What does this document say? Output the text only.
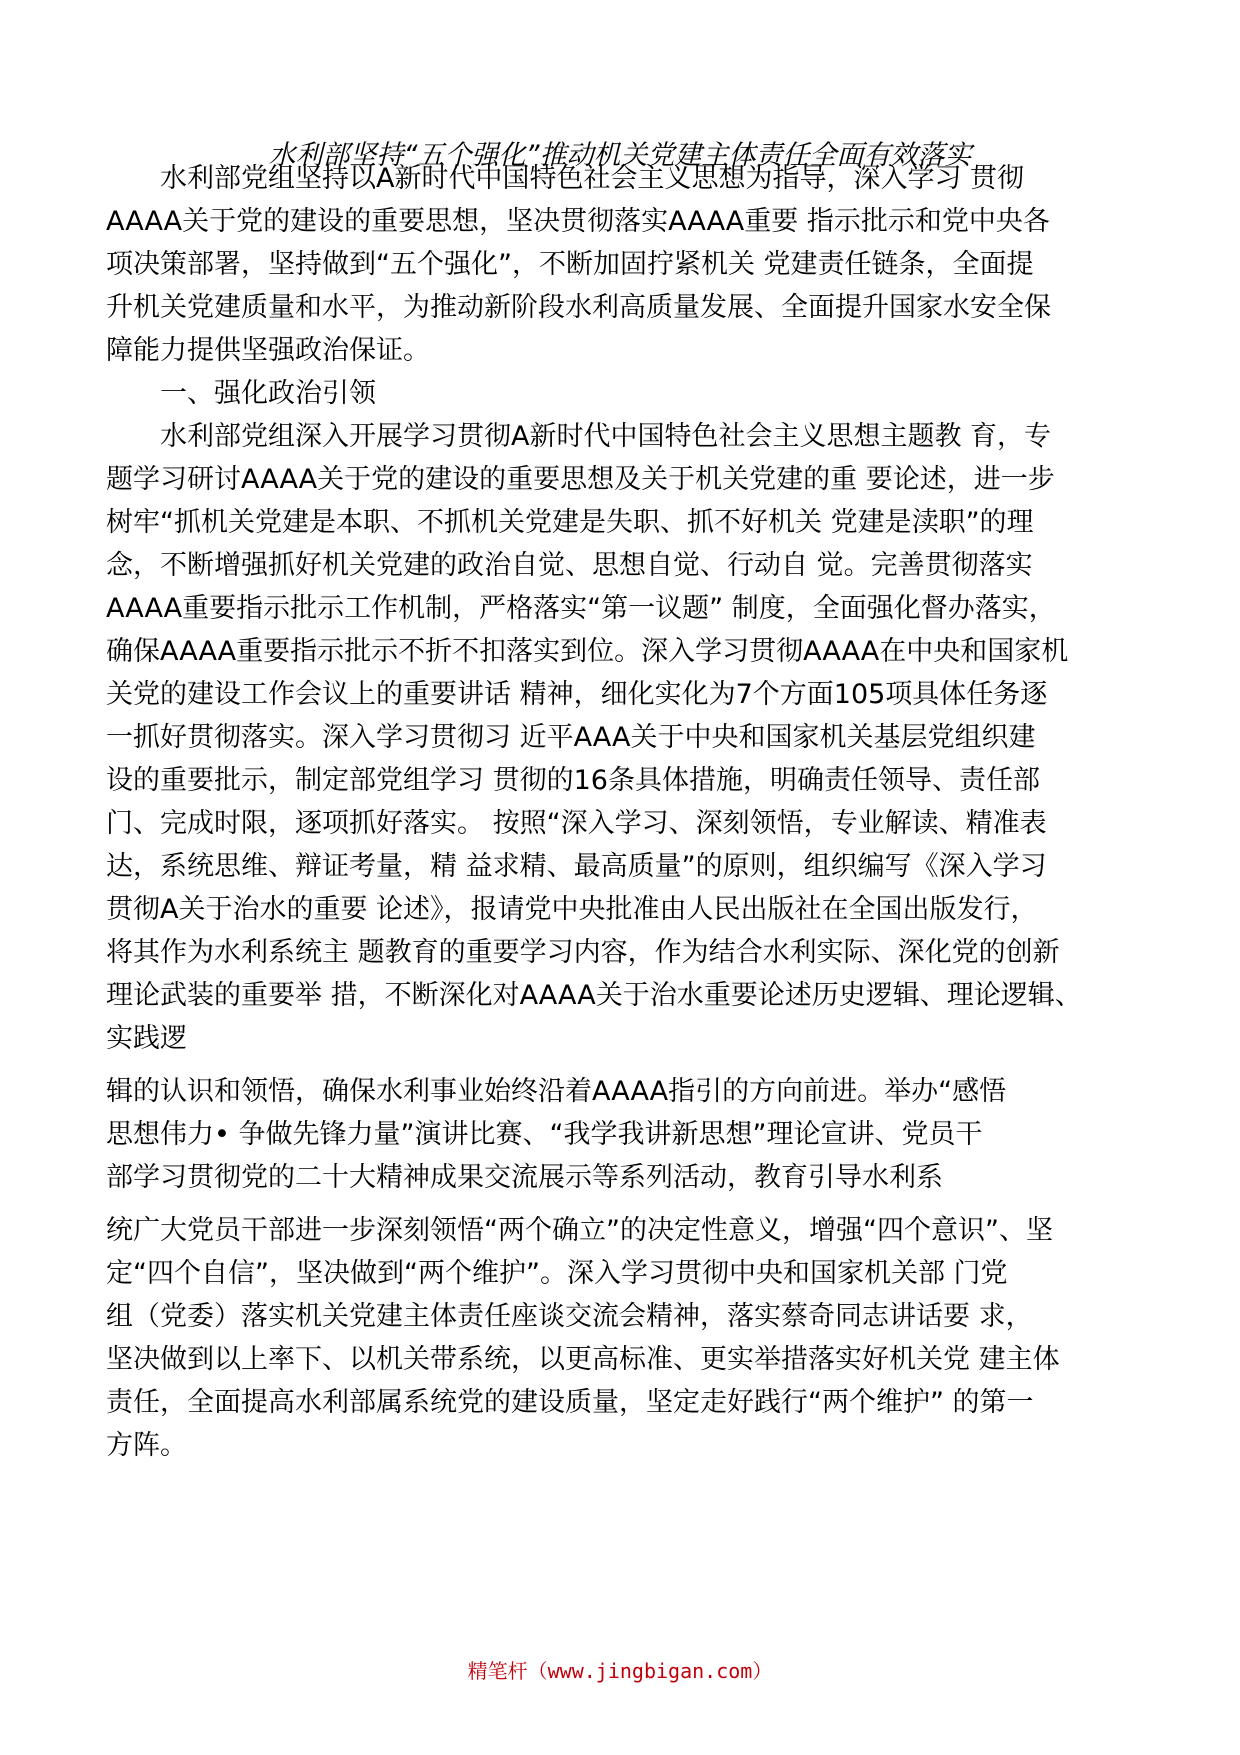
水利部坚持“五个强化”推动机关党建主体责任全面有效落实
水利部党组坚持以A新时代中国特色社会主义思想为指导，深入学习 贯彻
AAAA关于党的建设的重要思想，坚决贯彻落实AAAA重要 指示批示和党中央各
项决策部署，坚持做到“五个强化”，不断加固拧紧机关 党建责任链条，全面提
升机关党建质量和水平，为推动新阶段水利高质量发展、全面提升国家水安全保
障能力提供坚强政治保证。
一、强化政治引领
水利部党组深入开展学习贯彻A新时代中国特色社会主义思想主题教 育，专
题学习研讨AAAA关于党的建设的重要思想及关于机关党建的重 要论述，进一步
树牢“抓机关党建是本职、不抓机关党建是失职、抓不好机关 党建是渎职”的理
念，不断增强抓好机关党建的政治自觉、思想自觉、行动自 觉。完善贯彻落实
AAAA重要指示批示工作机制，严格落实“第一议题” 制度，全面强化督办落实，
确保AAAA重要指示批示不折不扣落实到位。深入学习贯彻AAAA在中央和国家机
关党的建设工作会议上的重要讲话 精神，细化实化为7个方面105项具体任务逐
一抓好贯彻落实。深入学习贯彻习 近平AAA关于中央和国家机关基层党组织建
设的重要批示，制定部党组学习 贯彻的16条具体措施，明确责任领导、责任部
门、完成时限，逐项抓好落实。 按照“深入学习、深刻领悟，专业解读、精准表
达，系统思维、辩证考量，精 益求精、最高质量”的原则，组织编写《深入学习
贯彻A关于治水的重要 论述》，报请党中央批准由人民出版社在全国出版发行，
将其作为水利系统主 题教育的重要学习内容，作为结合水利实际、深化党的创新
理论武装的重要举 措，不断深化对AAAA关于治水重要论述历史逻辑、理论逻辑、
实践逻
辑的认识和领悟，确保水利事业始终沿着AAAA指引的方向前进。举办“感悟
思想伟力• 争做先锋力量”演讲比赛、“我学我讲新思想”理论宣讲、党员干
部学习贯彻党的二十大精神成果交流展示等系列活动，教育引导水利系
统广大党员干部进一步深刻领悟“两个确立”的决定性意义，增强“四个意识”、坚
定“四个自信”，坚决做到“两个维护”。深入学习贯彻中央和国家机关部 门党
组（党委）落实机关党建主体责任座谈交流会精神，落实蔡奇同志讲话要 求，
坚决做到以上率下、以机关带系统，以更高标准、更实举措落实好机关党 建主体
责任，全面提高水利部属系统党的建设质量，坚定走好践行“两个维护” 的第一
方阵。
精笔杆（www.jingbigan.com）
